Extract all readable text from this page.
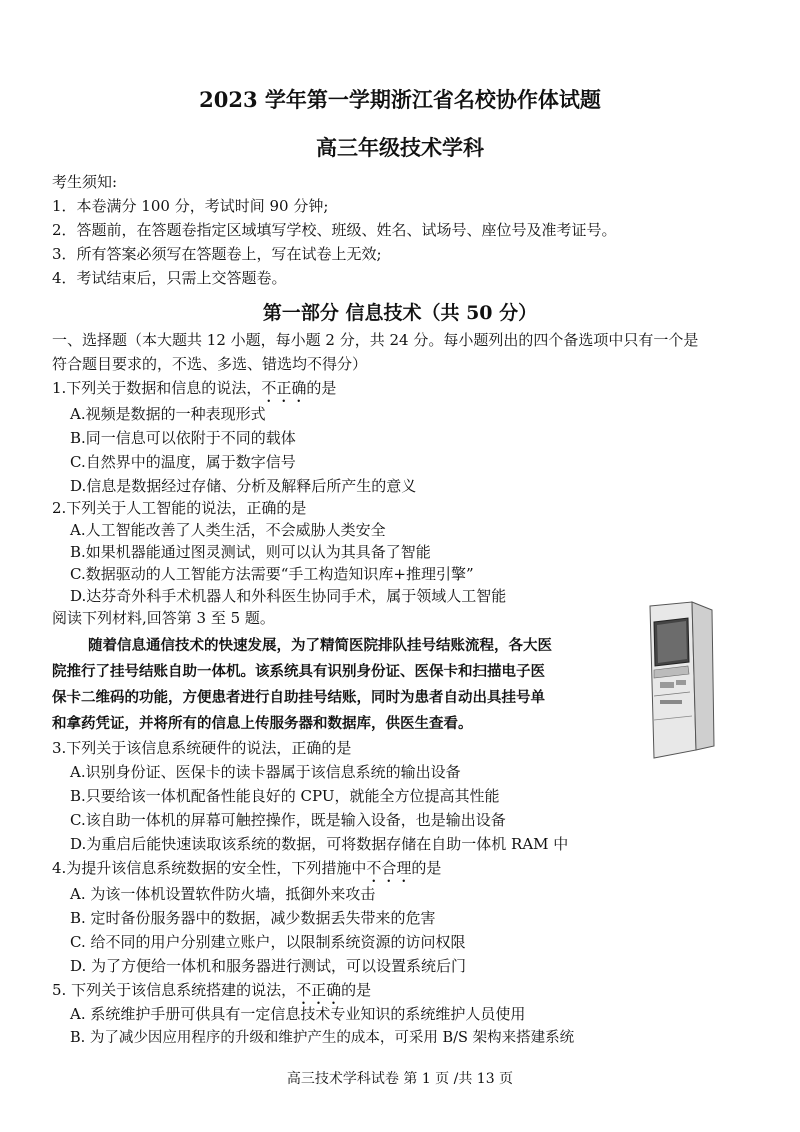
2023 学年第一学期浙江省名校协作体试题
高三年级技术学科
考生须知:
1．本卷满分 100 分，考试时间 90 分钟;
2．答题前，在答题卷指定区域填写学校、班级、姓名、试场号、座位号及准考证号。
3．所有答案必须写在答题卷上，写在试卷上无效;
4．考试结束后，只需上交答题卷。
第一部分 信息技术（共 50 分）
一、选择题（本大题共 12 小题，每小题 2 分，共 24 分。每小题列出的四个备选项中只有一个是
符合题目要求的，不选、多选、错选均不得分）
1.下列关于数据和信息的说法，不正确的是
A.视频是数据的一种表现形式
B.同一信息可以依附于不同的载体
C.自然界中的温度，属于数字信号
D.信息是数据经过存储、分析及解释后所产生的意义
2.下列关于人工智能的说法，正确的是
A.人工智能改善了人类生活，不会威胁人类安全
B.如果机器能通过图灵测试，则可以认为其具备了智能
C.数据驱动的人工智能方法需要“手工构造知识库+推理引擎”
D.达芬奇外科手术机器人和外科医生协同手术，属于领域人工智能
阅读下列材料,回答第 3 至 5 题。
随着信息通信技术的快速发展，为了精简医院排队挂号结账流程，各大医
院推行了挂号结账自助一体机。该系统具有识别身份证、医保卡和扫描电子医
保卡二维码的功能，方便患者进行自助挂号结账，同时为患者自动出具挂号单
和拿药凭证，并将所有的信息上传服务器和数据库，供医生查看。
3.下列关于该信息系统硬件的说法，正确的是
A.识别身份证、医保卡的读卡器属于该信息系统的输出设备
B.只要给该一体机配备性能良好的 CPU，就能全方位提高其性能
C.该自助一体机的屏幕可触控操作，既是输入设备，也是输出设备
D.为重启后能快速读取该系统的数据，可将数据存储在自助一体机 RAM 中
4.为提升该信息系统数据的安全性，下列措施中不合理的是
A. 为该一体机设置软件防火墙，抵御外来攻击
B. 定时备份服务器中的数据，减少数据丢失带来的危害
C. 给不同的用户分别建立账户，以限制系统资源的访问权限
D. 为了方便给一体机和服务器进行测试，可以设置系统后门
5. 下列关于该信息系统搭建的说法，不正确的是
A. 系统维护手册可供具有一定信息技术专业知识的系统维护人员使用
B. 为了减少因应用程序的升级和维护产生的成本，可采用 B/S 架构来搭建系统
高三技术学科试卷 第 1 页 /共 13 页
